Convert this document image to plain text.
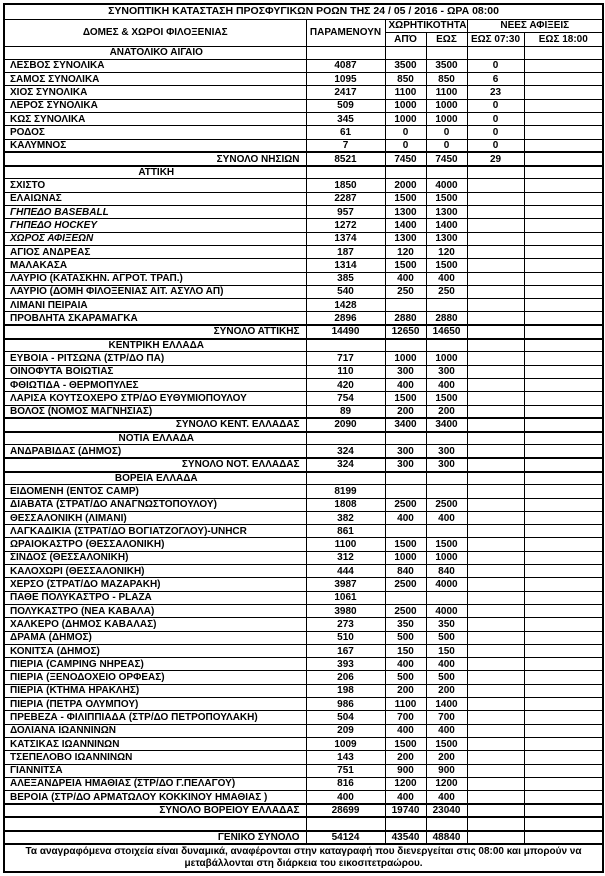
ΣΥΝΟΠΤΙΚΗ ΚΑΤΑΣΤΑΣΗ ΠΡΟΣΦΥΓΙΚΩΝ ΡΟΩΝ ΤΗΣ 24 / 05 / 2016 - ΩΡΑ 08:00					
ΔΟΜΕΣ & ΧΩΡΟΙ ΦΙΛΟΞΕΝΙΑΣ	ΠΑΡΑΜΕΝΟΥΝ	ΧΩΡΗΤΙΚΟΤΗΤΑ		ΝΕΕΣ ΑΦΙΞΕΙΣ	
		ΑΠΌ	ΕΩΣ	ΕΩΣ 07:30	ΕΩΣ 18:00
ΑΝΑΤΟΛΙΚΟ ΑΙΓΑΙΟ					
ΛΕΣΒΟΣ ΣΥΝΟΛΙΚΑ	4087	3500	3500	0	
ΣΑΜΟΣ ΣΥΝΟΛΙΚΑ	1095	850	850	6	
ΧΙΟΣ ΣΥΝΟΛΙΚΑ	2417	1100	1100	23	
ΛΕΡΟΣ ΣΥΝΟΛΙΚΑ	509	1000	1000	0	
ΚΩΣ ΣΥΝΟΛΙΚΑ	345	1000	1000	0	
ΡΟΔΟΣ	61	0	0	0	
ΚΑΛΥΜΝΟΣ	7	0	0	0	
ΣΥΝΟΛΟ ΝΗΣΙΩΝ	8521	7450	7450	29	
ΑΤΤΙΚΗ					
ΣΧΙΣΤΟ	1850	2000	4000		
ΕΛΑΙΩΝΑΣ	2287	1500	1500		
ΓΗΠΕΔΟ BASEBALL	957	1300	1300		
ΓΗΠΕΔΟ HOCKEY	1272	1400	1400		
ΧΩΡΟΣ ΑΦΙΞΕΩΝ	1374	1300	1300		
ΑΓΙΟΣ ΑΝΔΡΕΑΣ	187	120	120		
ΜΑΛΑΚΑΣΑ	1314	1500	1500		
ΛΑΥΡΙΟ (ΚΑΤΑΣΚΗΝ. ΑΓΡΟΤ. ΤΡΑΠ.)	385	400	400		
ΛΑΥΡΙΟ (ΔΟΜΗ ΦΙΛΟΞΕΝΙΑΣ ΑΙΤ. ΑΣΥΛΟ ΑΠ)	540	250	250		
ΛΙΜΑΝΙ ΠΕΙΡΑΙΑ	1428				
ΠΡΟΒΛΗΤΑ ΣΚΑΡΑΜΑΓΚΑ	2896	2880	2880		
ΣΥΝΟΛΟ ΑΤΤΙΚΗΣ	14490	12650	14650		
ΚΕΝΤΡΙΚΗ ΕΛΛΑΔΑ					
ΕΥΒΟΙΑ - ΡΙΤΣΩΝΑ (ΣΤΡ/ΔΟ ΠΑ)	717	1000	1000		
ΟΙΝΟΦΥΤΑ ΒΟΙΩΤΙΑΣ	110	300	300		
ΦΘΙΩΤΙΔΑ - ΘΕΡΜΟΠΥΛΕΣ	420	400	400		
ΛΑΡΙΣΑ ΚΟΥΤΣΟΧΕΡΟ ΣΤΡ/ΔΟ ΕΥΘΥΜΙΟΠΟΥΛΟΥ	754	1500	1500		
ΒΟΛΟΣ (ΝΟΜΟΣ ΜΑΓΝΗΣΙΑΣ)	89	200	200		
ΣΥΝΟΛΟ ΚΕΝΤ. ΕΛΛΑΔΑΣ	2090	3400	3400		
ΝΟΤΙΑ ΕΛΛΑΔΑ					
ΑΝΔΡΑΒΙΔΑΣ (ΔΗΜΟΣ)	324	300	300		
ΣΥΝΟΛΟ ΝΟΤ. ΕΛΛΑΔΑΣ	324	300	300		
ΒΟΡΕΙΑ ΕΛΛΑΔΑ					
ΕΙΔΟΜΕΝΗ (ΕΝΤΟΣ CAMP)	8199				
ΔΙΑΒΑΤΑ (ΣΤΡΑΤ/ΔΟ ΑΝΑΓΝΩΣΤΟΠΟΥΛΟΥ)	1808	2500	2500		
ΘΕΣΣΑΛΟΝΙΚΗ (ΛΙΜΑΝΙ)	382	400	400		
ΛΑΓΚΑΔΙΚΙΑ (ΣΤΡΑΤ/ΔΟ ΒΟΓΙΑΤΖΟΓΛΟΥ)-UNHCR	861				
ΩΡΑΙΟΚΑΣΤΡΟ (ΘΕΣΣΑΛΟΝΙΚΗ)	1100	1500	1500		
ΣΙΝΔΟΣ (ΘΕΣΣΑΛΟΝΙΚΗ)	312	1000	1000		
ΚΑΛΟΧΩΡΙ (ΘΕΣΣΑΛΟΝΙΚΗ)	444	840	840		
ΧΕΡΣΟ (ΣΤΡΑΤ/ΔΟ ΜΑΖΑΡΑΚΗ)	3987	2500	4000		
ΠΑΘΕ ΠΟΛΥΚΑΣΤΡΟ - PLAZA	1061				
ΠΟΛΥΚΑΣΤΡΟ (ΝΕΑ ΚΑΒΑΛΑ)	3980	2500	4000		
ΧΑΛΚΕΡΟ (ΔΗΜΟΣ ΚΑΒΑΛΑΣ)	273	350	350		
ΔΡΑΜΑ (ΔΗΜΟΣ)	510	500	500		
ΚΟΝΙΤΣΑ (ΔΗΜΟΣ)	167	150	150		
ΠΙΕΡΙΑ (CAMPING ΝΗΡΕΑΣ)	393	400	400		
ΠΙΕΡΙΑ (ΞΕΝΟΔΟΧΕΙΟ ΟΡΦΕΑΣ)	206	500	500		
ΠΙΕΡΙΑ (ΚΤΗΜΑ ΗΡΑΚΛΗΣ)	198	200	200		
ΠΙΕΡΙΑ (ΠΕΤΡΑ ΟΛΥΜΠΟΥ)	986	1100	1400		
ΠΡΕΒΕΖΑ - ΦΙΛΙΠΠΙΑΔΑ (ΣΤΡ/ΔΟ ΠΕΤΡΟΠΟΥΛΑΚΗ)	504	700	700		
ΔΟΛΙΑΝΑ ΙΩΑΝΝΙΝΩΝ	209	400	400		
ΚΑΤΣΙΚΑΣ ΙΩΑΝΝΙΝΩΝ	1009	1500	1500		
ΤΣΕΠΕΛΟΒΟ ΙΩΑΝΝΙΝΩΝ	143	200	200		
ΓΙΑΝΝΙΤΣΑ	751	900	900		
ΑΛΕΞΑΝΔΡΕΙΑ ΗΜΑΘΙΑΣ (ΣΤΡ/ΔΟ Γ.ΠΕΛΑΓΟΥ)	816	1200	1200		
ΒΕΡΟΙΑ (ΣΤΡ/ΔΟ ΑΡΜΑΤΩΛΟΥ ΚΟΚΚΙΝΟΥ ΗΜΑΘΙΑΣ )	400	400	400		
ΣΥΝΟΛΟ ΒΟΡΕΙΟΥ ΕΛΛΑΔΑΣ	28699	19740	23040		

ΓΕΝΙΚΟ ΣΥΝΟΛΟ	54124	43540	48840		
Τα αναγραφόμενα στοιχεία είναι δυναμικά, αναφέρονται στην καταγραφή που διενεργείται στις 08:00 και μπορούν να μεταβάλλονται στη διάρκεια του εικοσιτετραώρου.					
